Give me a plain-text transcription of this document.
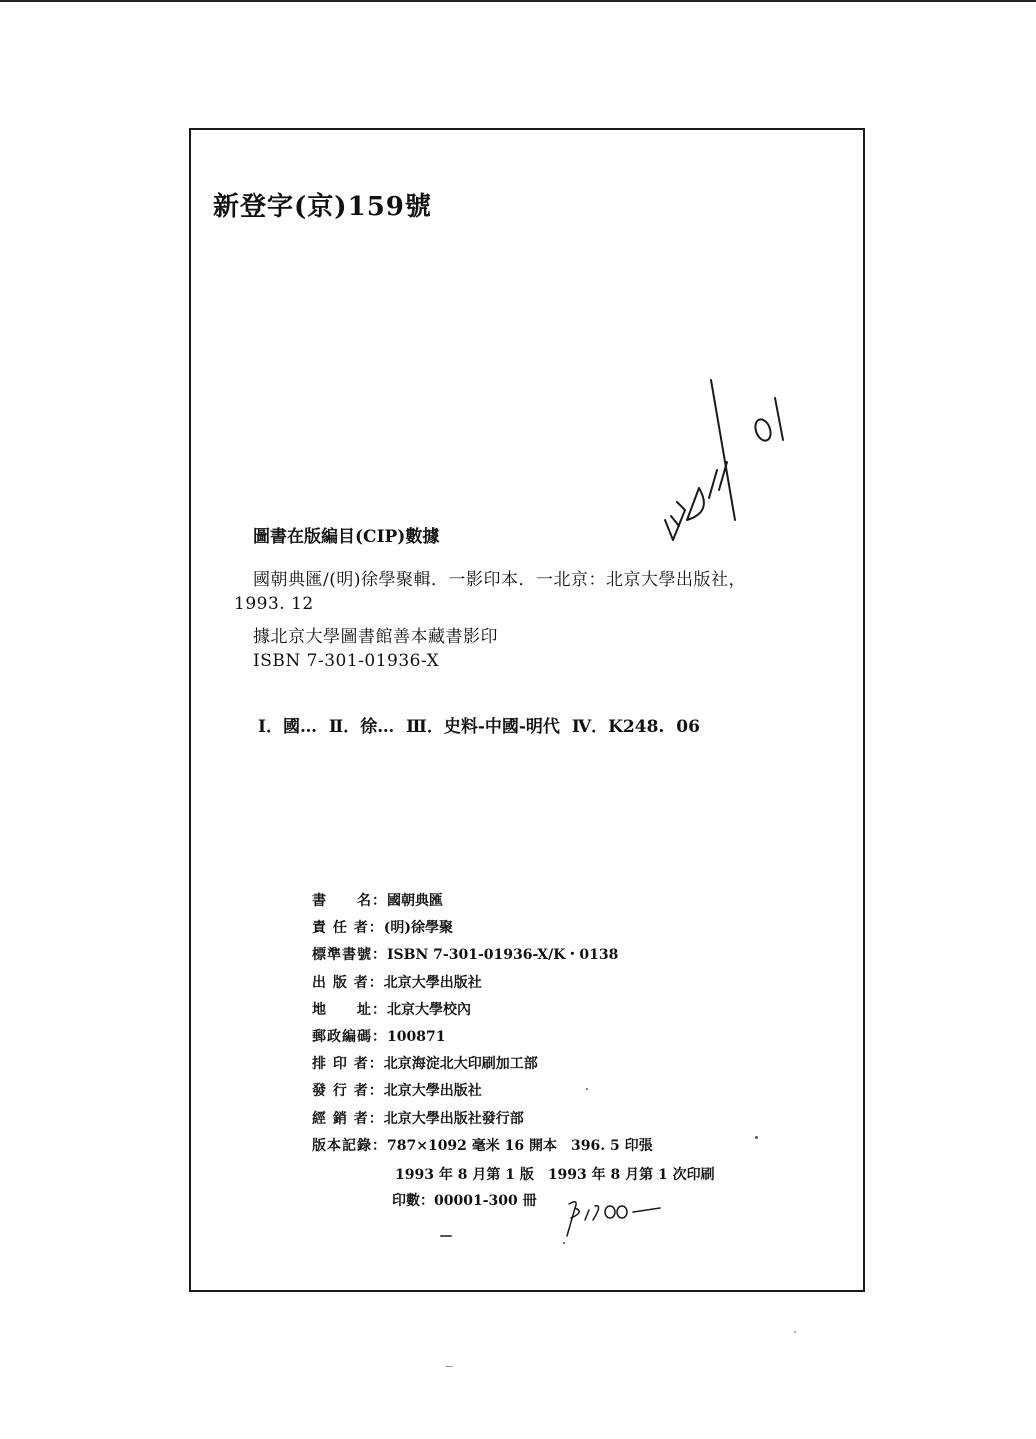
新登字(京)159號
圖書在版編目(CIP)數據
國朝典匯/(明)徐學聚輯．一影印本．一北京：北京大學出版社，
1993. 12
據北京大學圖書館善本藏書影印
ISBN 7-301-01936-X
Ⅰ．國… Ⅱ．徐… Ⅲ．史料-中國-明代 Ⅳ．K248. 06
書　　名：國朝典匯
責 任 者：(明)徐學聚
標準書號：ISBN 7-301-01936-X/K・0138
出 版 者：北京大學出版社
地　　址：北京大學校內
郵政編碼：100871
排 印 者：北京海淀北大印刷加工部
發 行 者：北京大學出版社
經 銷 者：北京大學出版社發行部
版本記錄：787×1092 毫米 16 開本　396. 5 印張
1993 年 8 月第 1 版　1993 年 8 月第 1 次印刷
印數：00001-300 冊
